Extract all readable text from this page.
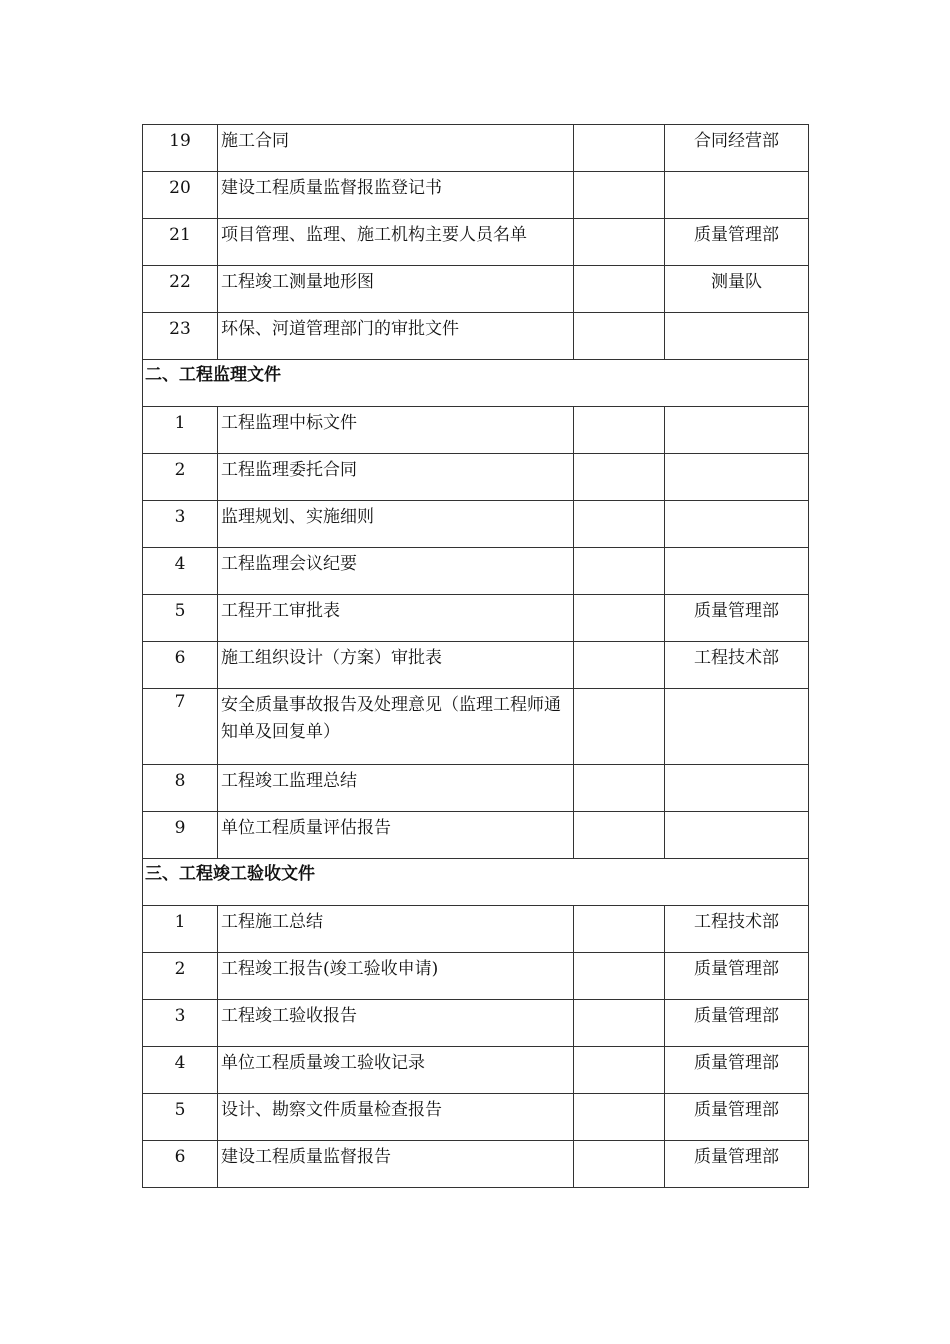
19	施工合同		合同经营部
20	建设工程质量监督报监登记书		
21	项目管理、监理、施工机构主要人员名单		质量管理部
22	工程竣工测量地形图		测量队
23	环保、河道管理部门的审批文件		
二、工程监理文件			
1	工程监理中标文件		
2	工程监理委托合同		
3	监理规划、实施细则		
4	工程监理会议纪要		
5	工程开工审批表		质量管理部
6	施工组织设计（方案）审批表		工程技术部
7	安全质量事故报告及处理意见（监理工程师通知单及回复单）		
8	工程竣工监理总结		
9	单位工程质量评估报告		
三、工程竣工验收文件			
1	工程施工总结		工程技术部
2	工程竣工报告(竣工验收申请)		质量管理部
3	工程竣工验收报告		质量管理部
4	单位工程质量竣工验收记录		质量管理部
5	设计、勘察文件质量检查报告		质量管理部
6	建设工程质量监督报告		质量管理部
